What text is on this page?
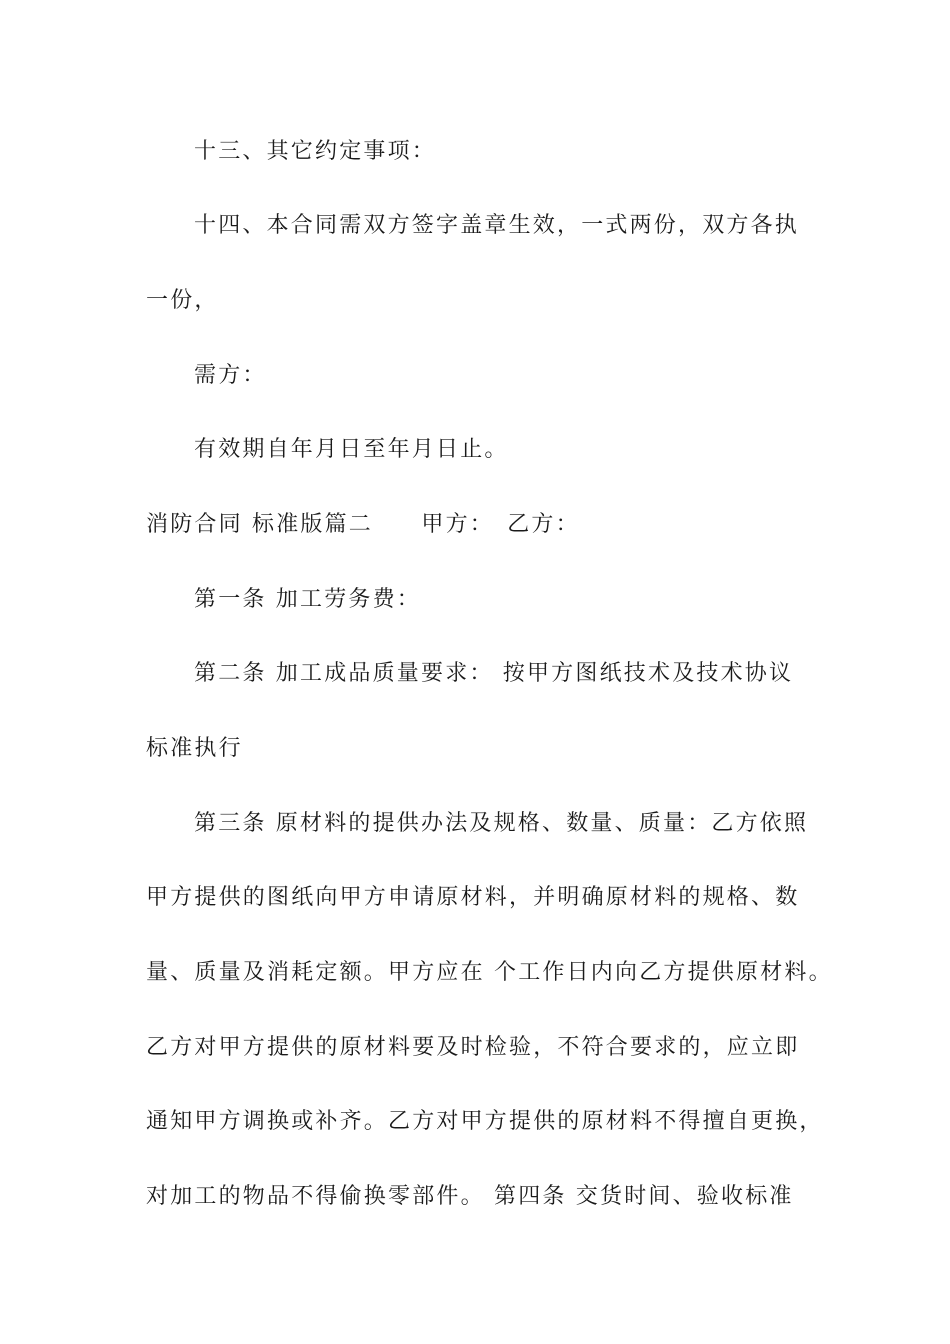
十三、其它约定事项：
十四、本合同需双方签字盖章生效，一式两份，双方各执
一份，
需方：
有效期自年月日至年月日止。
消防合同 标准版篇二　　甲方：　乙方：
第一条 加工劳务费：
第二条 加工成品质量要求： 按甲方图纸技术及技术协议
标准执行
第三条 原材料的提供办法及规格、数量、质量：乙方依照
甲方提供的图纸向甲方申请原材料，并明确原材料的规格、数
量、质量及消耗定额。甲方应在 个工作日内向乙方提供原材料。
乙方对甲方提供的原材料要及时检验，不符合要求的，应立即
通知甲方调换或补齐。乙方对甲方提供的原材料不得擅自更换，
对加工的物品不得偷换零部件。 第四条 交货时间、验收标准
